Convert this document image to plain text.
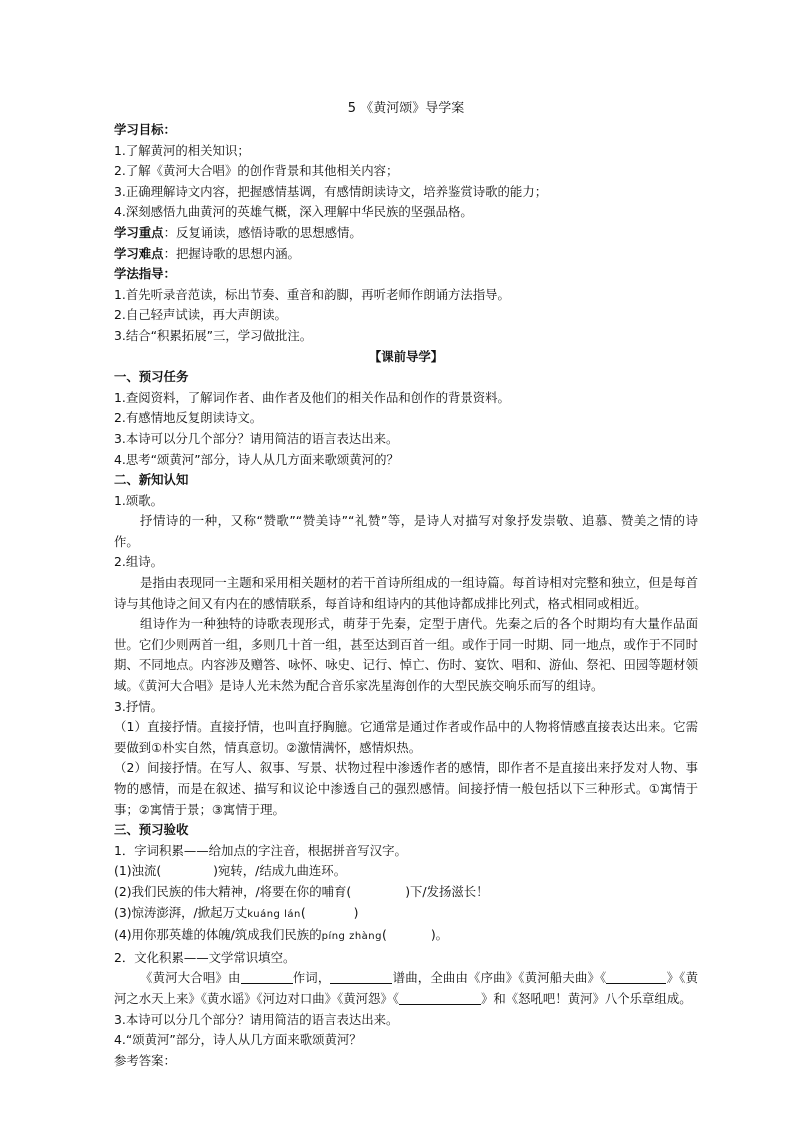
5 《黄河颂》导学案
学习目标：
1.了解黄河的相关知识；
2.了解《黄河大合唱》的创作背景和其他相关内容；
3.正确理解诗文内容，把握感情基调，有感情朗读诗文，培养鉴赏诗歌的能力；
4.深刻感悟九曲黄河的英雄气概，深入理解中华民族的坚强品格。
学习重点：反复诵读，感悟诗歌的思想感情。
学习难点：把握诗歌的思想内涵。
学法指导：
1.首先听录音范读，标出节奏、重音和韵脚，再听老师作朗诵方法指导。
2.自己轻声试读，再大声朗读。
3.结合“积累拓展”三，学习做批注。
【课前导学】
一、预习任务
1.查阅资料，了解词作者、曲作者及他们的相关作品和创作的背景资料。
2.有感情地反复朗读诗文。
3.本诗可以分几个部分？请用简洁的语言表达出来。
4.思考“颂黄河”部分，诗人从几方面来歌颂黄河的？
二、新知认知
1.颂歌。
抒情诗的一种，又称“赞歌”“赞美诗”“礼赞”等，是诗人对描写对象抒发崇敬、追慕、赞美之情的诗作。
2.组诗。
是指由表现同一主题和采用相关题材的若干首诗所组成的一组诗篇。每首诗相对完整和独立，但是每首诗与其他诗之间又有内在的感情联系，每首诗和组诗内的其他诗都成排比列式，格式相同或相近。
组诗作为一种独特的诗歌表现形式，萌芽于先秦，定型于唐代。先秦之后的各个时期均有大量作品面世。它们少则两首一组，多则几十首一组，甚至达到百首一组。或作于同一时期、同一地点，或作于不同时期、不同地点。内容涉及赠答、咏怀、咏史、记行、悼亡、伤时、宴饮、唱和、游仙、祭祀、田园等题材领域。《黄河大合唱》是诗人光未然为配合音乐家冼星海创作的大型民族交响乐而写的组诗。
3.抒情。
（1）直接抒情。直接抒情，也叫直抒胸臆。它通常是通过作者或作品中的人物将情感直接表达出来。它需要做到①朴实自然，情真意切。②激情满怀，感情炽热。
（2）间接抒情。在写人、叙事、写景、状物过程中渗透作者的感情，即作者不是直接出来抒发对人物、事物的感情，而是在叙述、描写和议论中渗透自己的强烈感情。间接抒情一般包括以下三种形式。①寓情于事；②寓情于景；③寓情于理。
三、预习验收
1．字词积累——给加点的字注音，根据拼音写汉字。
(1)浊流(	)宛转，/结成九曲连环。
(2)我们民族的伟大精神，/将要在你的哺育(	)下/发扬滋长！
(3)惊涛澎湃，/掀起万丈kuáng lán(	)
(4)用你那英雄的体魄/筑成我们民族的píng zhàng(	)。
2．文化积累——文学常识填空。
《黄河大合唱》由	作词，	谱曲，全曲由《序曲》《黄河船夫曲》《	》《黄河之水天上来》《黄水谣》《河边对口曲》《黄河怨》《	》和《怒吼吧！黄河》八个乐章组成。
3.本诗可以分几个部分？请用简洁的语言表达出来。
4.“颂黄河”部分，诗人从几方面来歌颂黄河？
参考答案：
